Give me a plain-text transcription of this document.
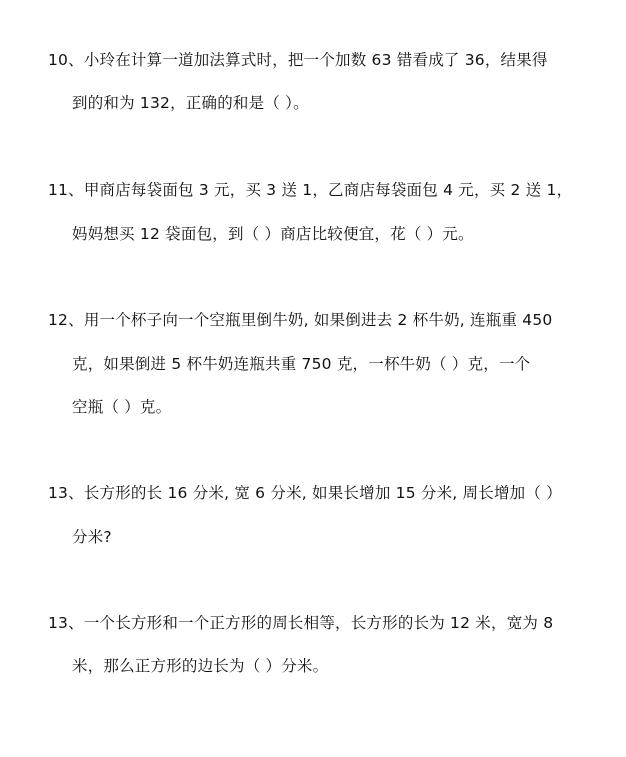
10、小玲在计算一道加法算式时，把一个加数 63 错看成了 36，结果得
到的和为 132，正确的和是（ ）。
11、甲商店每袋面包 3 元，买 3 送 1，乙商店每袋面包 4 元，买 2 送 1，
妈妈想买 12 袋面包，到（ ）商店比较便宜，花（ ）元。
12、用一个杯子向一个空瓶里倒牛奶, 如果倒进去 2 杯牛奶, 连瓶重 450
克，如果倒进 5 杯牛奶连瓶共重 750 克，一杯牛奶（ ）克，一个
空瓶（ ）克。
13、长方形的长 16 分米, 宽 6 分米, 如果长增加 15 分米, 周长增加（ ）
分米?
13、一个长方形和一个正方形的周长相等，长方形的长为 12 米，宽为 8
米，那么正方形的边长为（ ）分米。
